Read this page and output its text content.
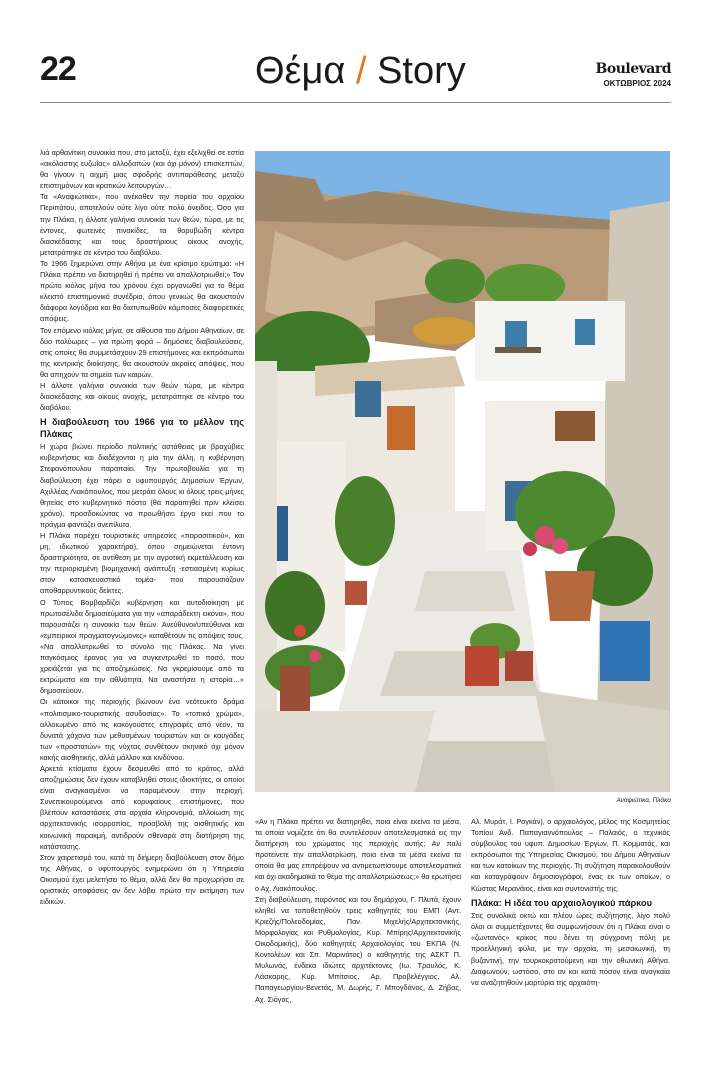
22	Θέμα / Story	Boulevard
ΟΚΤΩΒΡΙΟΣ 2024

λιά αρθανίτικη συνοικία που, στο μεταξύ, έχει εξελιχθεί σε εστία «ακόλαστης ευζωΐας» αλλοδαπών (και όχι μόνον) επισκεπτών, θα γίνουν η αιχμή μιας σφοδρής αντιπαράθεσης μεταξύ επιστημόνων και κρατικών λειτουργών…

Τα «Αναφιώτικα», που ανέκαθεν την πορεία του αρχαίου Περιπάτου, αποτελούν ούτε λίγο ούτε πολύ όνειδος. Όσο για την Πλάκα, η άλλοτε γαλήνια συνοικία των θεών, τώρα, με τις έντονες, φωτεινές πινακίδες, τα θορυβώδη κέντρα διασκέδασης και τους δραστήριους οίκους ανοχής, μετατράπηκε σε κέντρο του διαβόλου.

Το 1966 ξημερώνει στην Αθήνα με ένα κρίσιμο ερώτημα: «Η Πλάκα πρέπει να διατηρηθεί ή πρέπει να απαλλοτριωθεί;» Τον πρώτο κιόλας μήνα του χρόνου έχει οργανωθεί για το θέμα κλειστό επιστημονικό συνέδριο, όπου γενικώς θα ακουστούν διάφορα λογύδρια και θα διατυπωθούν κάμποσες διαφορετικές απόψεις.

Τον επόμενο κιόλας μήνα, σε αίθουσα του Δήμου Αθηναίων, σε δύο πολύωρες – για πρώτη φορά – δημόσιες διαβουλεύσεις, στις οποίες θα συμμετάσχουν 29 επιστήμονες και εκπρόσωποι της κεντρικής διοίκησης, θα ακουστούν ακραίες απόψεις, που θα απηχούν τα σημεία των καιρών.

Η άλλοτε γαλήνια συνοικία των θεών τώρα, με κέντρα διασκέδασης και οίκους ανοχής, μετατράπηκε σε κέντρο του διαβόλου.

Η διαβούλευση του 1966 για το μέλλον της Πλάκας

Η χώρα βιώνει περίοδο πολιτικής αστάθειας με βραχύβιες κυβερνήσεις και διαδέχονται η μία την άλλη, η κυβέρνηση Στεφανόπουλου παραπαίει. Την πρωτοβουλία για τη διαβούλευση έχει πάρει ο υφυπουργός Δημοσίων Έργων, Αχιλλέας Λιακόπουλος, που μετράει όλους κι όλους τρεις μήνες θητείας στο κυβερνητικό πόστο (θα παραιτηθεί πριν κλείσει χρόνο), προσδοκώντας να προωθήσει έργο εκεί που το πράγμα φαντάζει ανεπίλυτο.

Η Πλάκα παρέχει τουριστικές υπηρεσίες «παρασιτικού», και μη, ιδιωτικού χαρακτήρα), όπου σημειώνεται έντονη δραστηριότητα, σε αντίθεση με την αγροτική εκμετάλλευση και την περιορισμένη βιομηχανική ανάπτυξη -εστιασμένη κυρίως στον κατασκευαστικό τομέα- που παρουσιάζουν αποθαρρυντικούς δείκτες.

Ο Τύπος Βομβαρδίζει κυβέρνηση και αυτοδιοίκηση με πρωτοσέλιδα δημοσιεύματα για την «απαράδεκτη εικόνα», που παρουσιάζει η συνοικία των θεών. Ανεύθυνοι/υπεύθυνοι και «εμπειρικοί πραγματογνώμονες» καταθέτουν τις απόψεις τους. «Να απαλλοτριωθεί το σύνολο της Πλάκας. Να γίνει παγκόσμιος έρανος για να συγκεντρωθεί το ποσό, που χρειάζεται για τις αποζημιώσεις. Να γκρεμίσουμε από τα εκτρώματα και την αθλιότητα. Να αναστήσει η ιστορία…» δημοσιεύουν.

Οι κάτοικοι της περιοχής βιώνουν ένα νεότευκτο δράμα «πολιτισμικο-τουριστικής ασυδοσίας». Το «τοπικό χρώμα», αλλοιωμένο από τις κακόγουστες επιγραφές από νέον, τα δυνατά χάχανα των μεθυσμένων τουριστών και οι καυγάδες των «προστατών» της νύχτας συνθέτουν σκηνικό όχι μόνον κακής αισθητικής, αλλά μάλλον και κινδύνου.

Αρκετά κτίσματα έχουν δεσμευθεί από το κράτος, αλλά αποζημιώσεις δεν έχουν καταβληθεί στους ιδιοκτήτες, οι οποίοι είναι αναγκασμένοι να παραμένουν στην περιοχή. Συνεπικουρούμενοι από κορυφαίους επιστήμονες, που βλέπουν καταστάσεις στα αρχαία κληρονομιά, αλλοίωση της αρχιτεκτονικής ισορροπίας, προσβολή της αισθητικής και κοινωνική παρακμή, αντιδρούν σθεναρά στη διατήρηση της κατάστασης.

Στον χαιρετισμό του, κατά τη διήμερη διαβούλευση στον δήμο της Αθήνας, ο υφυπουργός ενημερώνει ότι η Υπηρεσία Οικισμού έχει μελετήσει το θέμα, αλλά δεν θα προχωρήσει σε οριστικές αποφάσεις αν δεν λάβει πρώτα την εκτίμηση των ειδικών.

Αναφιώτικα, Πλάκα

«Αν η Πλάκα πρέπει να διατηρηθεί, ποια είναι εκείνα τα μέσα, τα οποία νομίζετε ότι θα συντελέσουν αποτελεσματικά εις την διατήρηση του χρώματος της περιοχής αυτής; Αν παλί προτείνετε την απαλλοτρίωση, ποια είναι τα μέσα εκείνα τα οποία θα μας επιτρέψουν να αντιμετωπίσουμε αποτελεσματικά και όχι ακαδημαϊκά το θέμα της απαλλοτριώσεως;» θα ερωτήσει ο Αχ. Λιακόπουλος.

Στη διαβούλευση, παρόντος και του δημάρχου, Γ. Πλυτά, έχουν κληθεί να τοποθετηθούν τρεις καθηγητές του ΕΜΠ (Αντ. Κριεζής/Πολεοδομίας, Παν. Μιχελής/Αρχιτεκτονικής, Μορφολογίας και Ρυθμολογίας, Κυρ. Μπίρης/Αρχιτεκτονικής Οικοδομικής), δύο καθηγητές Αρχαιολογίας του ΕΚΠΑ (Ν. Κοντολέων και Σπ. Μαρινάτος) ο καθηγητής της ΑΣΚΤ Π. Μυλωνάς, ένδεκα ιδιώτες αρχιτέκτονες (Ιω. Τραυλός, Κ. Λάσκαρης, Κυρ. Μπίτσιος, Αρ. Προβελέγγιος, Αλ. Παπαγεωργίου-Βενετάς, Μ. Δωρής, Γ. Μπογδάνος, Δ. Ζήβας, Αχ. Σιόγας,

Αλ. Μυράτ, Ι. Ρογκάν), ο αρχαιολόγος, μέλος της Κοσμητείας Τοπίου Ανδ. Παπαγιαννόπουλος – Παλαιός, ο τεχνικός σύμβουλος του υφυπ. Δημοσίων Έργων, Π. Κομματάς, και εκπρόσωποι της Υπηρεσίας Οικισμού, του Δήμου Αθηναίων και των κατοίκων της περιοχής. Τη συζήτηση παρακολουθούν και καταγράφουν δημοσιογράφοι, ένας εκ των οποίων, ο Κώστας Μερανάιος, είναι και συντονιστής της.

Πλάκα: Η ιδέα του αρχαιολογικού πάρκου

Στις συνολικά οκτώ και πλέον ώρες συζήτησης, λίγο πολύ όλοι οι συμμετέχοντες θα συμφωνήσουν ότι η Πλάκα είναι ο «ζωντανός» κρίκος που δένει τη σύγχρονη πόλη με προελληνική φύλα, με την αρχαία, τη μεσαιωνική, τη βυζαντινή, την τουρκοκρατούμενη και την οθωνική Αθήνα. Διαφωνούν, ωστόσο, στο αν και κατά πόσον είναι αναγκαία να αναζητηθούν μαρτύρια της αρχαιότη-
